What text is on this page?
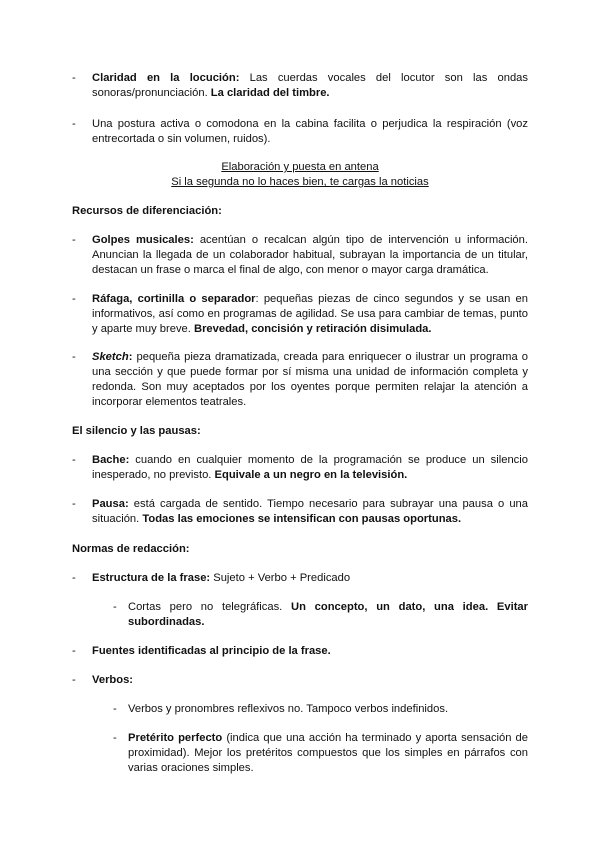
-	Claridad en la locución: Las cuerdas vocales del locutor son las ondas sonoras/pronunciación. La claridad del timbre.
-	Una postura activa o comodona en la cabina facilita o perjudica la respiración (voz entrecortada o sin volumen, ruidos).
Elaboración y puesta en antena
Si la segunda no lo haces bien, te cargas la noticias
Recursos de diferenciación:
-	Golpes musicales: acentúan o recalcan algún tipo de intervención u información. Anuncian la llegada de un colaborador habitual, subrayan la importancia de un titular, destacan un frase o marca el final de algo, con menor o mayor carga dramática.
-	Ráfaga, cortinilla o separador: pequeñas piezas de cinco segundos y se usan en informativos, así como en programas de agilidad. Se usa para cambiar de temas, punto y aparte muy breve. Brevedad, concisión y retiración disimulada.
-	Sketch: pequeña pieza dramatizada, creada para enriquecer o ilustrar un programa o una sección y que puede formar por sí misma una unidad de información completa y redonda. Son muy aceptados por los oyentes porque permiten relajar la atención a incorporar elementos teatrales.
El silencio y las pausas:
-	Bache: cuando en cualquier momento de la programación se produce un silencio inesperado, no previsto. Equivale a un negro en la televisión.
-	Pausa: está cargada de sentido. Tiempo necesario para subrayar una pausa o una situación. Todas las emociones se intensifican con pausas oportunas.
Normas de redacción:
-	Estructura de la frase: Sujeto + Verbo + Predicado
-	Cortas pero no telegráficas. Un concepto, un dato, una idea. Evitar subordinadas.
-	Fuentes identificadas al principio de la frase.
-	Verbos:
-	Verbos y pronombres reflexivos no. Tampoco verbos indefinidos.
-	Pretérito perfecto (indica que una acción ha terminado y aporta sensación de proximidad). Mejor los pretéritos compuestos que los simples en párrafos con varias oraciones simples.
